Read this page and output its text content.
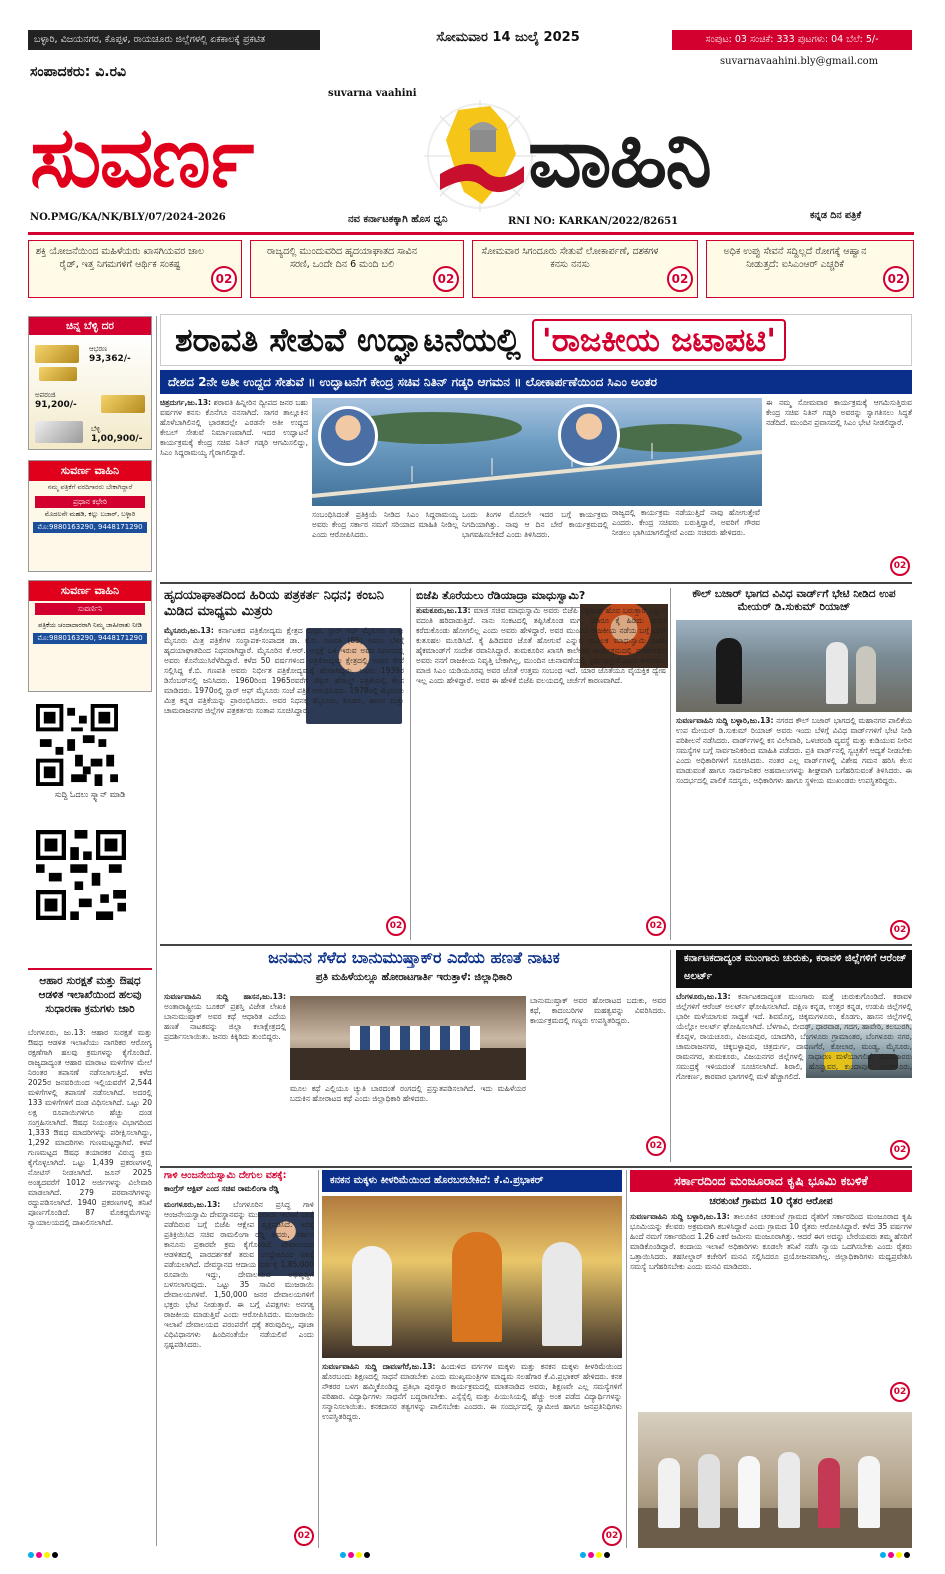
ಬಳ್ಳಾರಿ, ವಿಜಯನಗರ, ಕೊಪ್ಪಳ, ರಾಯಚೂರು ಜಿಲ್ಲೆಗಳಲ್ಲಿ ಏಕಕಾಲಕ್ಕೆ ಪ್ರಕಟಿತ	ಸೋಮವಾರ 14 ಜುಲೈ 2025	ಸಂಪುಟ: 03 ಸಂಚಿಕೆ: 333 ಪುಟಗಳು: 04 ಬೆಲೆ: 5/-
suvarnavaahini.bly@gmail.com
ಸಂಪಾದಕರು: ವಿ.ರವಿ
suvarna vaahini
ಸುವರ್ಣ	ವಾಹಿನಿ
NO.PMG/KA/NK/BLY/07/2024-2026	ನವ ಕರ್ನಾಟಕಕ್ಕಾಗಿ ಹೊಸ ಧ್ವನಿ	RNI NO: KARKAN/2022/82651
ಕನ್ನಡ ದಿನ ಪತ್ರಿಕೆ
ಶಕ್ತಿ ಯೋಜನೆಯಿಂದ ಮಹಿಳೆಯರು ಖಾಸಗಿಯವರ ಜಾಲ ರೈಡ್, ಇತ್ತ ನಿಗಮಗಳಿಗೆ ಆರ್ಥಿಕ ಸಂಕಷ್ಟ
02
ರಾಜ್ಯದಲ್ಲಿ ಮುಂದುವರಿದ ಹೃದಯಾಘಾತದ ಸಾವಿನ ಸರಣಿ, ಒಂದೇ ದಿನ 6 ಮಂದಿ ಬಲಿ
02
ಸೋಮವಾರ ಸಿಗಂದೂರು ಸೇತುವೆ ಲೋಕಾರ್ಪಣೆ, ದಶಕಗಳ ಕನಸು ನನಸು
02
ಅಧಿಕ ಉಪ್ಪು ಸೇವನೆ ಸದ್ದಿಲ್ಲದೆ ರೋಗಕ್ಕೆ ಆಹ್ವಾನ ನೀಡುತ್ತದೆ: ಐಸಿಎಂಆರ್ ಎಚ್ಚರಿಕೆ
02
ಚಿನ್ನ ಬೆಳ್ಳಿ ದರ
ಆಭರಣ
93,362/-
ಅಪರಂಜಿ
91,200/-
ಬೆಳ್ಳಿ
1,00,900/-
ಸುವರ್ಣ ವಾಹಿನಿ
ನಮ್ಮ ಪತ್ರಿಕೆಗೆ ವರದಿಗಾರರು ಬೇಕಾಗಿದ್ದಾರೆ
ಪ್ರಧಾನ ಕಛೇರಿ
ಮೊದಲನೇ ಮಹಡಿ, ಕಲ್ಲು ಬಜಾರ್, ಬಳ್ಳಾರಿ
ಮೊ:9880163290, 9448171290
ಸುವರ್ಣ ವಾಹಿನಿ
ಸುವರ್ಣಿನಿ
ಪತ್ರಿಕೆಯ ಚಂದಾದಾರರಾಗಿ ನಿಮ್ಮ ಜಾಹೀರಾತು ನೀಡಿ
ಮೊ:9880163290, 9448171290
ಸುದ್ದಿ ಓದಲು ಸ್ಕ್ಯಾನ್ ಮಾಡಿ
ಆಹಾರ ಸುರಕ್ಷತೆ ಮತ್ತು ಔಷಧ ಆಡಳಿತ ಇಲಾಖೆಯಿಂದ ಹಲವು ಸುಧಾರಣಾ ಕ್ರಮಗಳು ಜಾರಿ
ಬೆಂಗಳೂರು, ಜು.13: ಆಹಾರ ಸುರಕ್ಷತೆ ಮತ್ತು ಔಷಧ ಆಡಳಿತ ಇಲಾಖೆಯು ನಾಗರಿಕರ ಆರೋಗ್ಯ ರಕ್ಷಣೆಗಾಗಿ ಹಲವು ಕ್ರಮಗಳನ್ನು ಕೈಗೊಂಡಿದೆ. ರಾಜ್ಯದಾದ್ಯಂತ ಆಹಾರ ಮಾರಾಟ ಮಳಿಗೆಗಳ ಮೇಲೆ ನಿರಂತರ ತಪಾಸಣೆ ನಡೆಸಲಾಗುತ್ತಿದೆ. ಕಳೆದ 2025ರ ಜನವರಿಯಿಂದ ಇಲ್ಲಿಯವರೆಗೆ 2,544 ಮಳಿಗೆಗಳಲ್ಲಿ ತಪಾಸಣೆ ನಡೆಸಲಾಗಿದೆ. ಅದರಲ್ಲಿ 133 ಮಳಿಗೆಗಳಿಗೆ ದಂಡ ವಿಧಿಸಲಾಗಿದೆ. ಒಟ್ಟು 20 ಲಕ್ಷ ರೂಪಾಯಿಗಳಿಗೂ ಹೆಚ್ಚು ದಂಡ ಸಂಗ್ರಹಿಸಲಾಗಿದೆ. ಔಷಧ ನಿಯಂತ್ರಣ ವಿಭಾಗದಿಂದ 1,333 ಔಷಧ ಮಾದರಿಗಳನ್ನು ಪರೀಕ್ಷಿಸಲಾಗಿದ್ದು, 1,292 ಮಾದರಿಗಳು ಗುಣಮಟ್ಟದ್ದಾಗಿವೆ. ಕಳಪೆ ಗುಣಮಟ್ಟದ ಔಷಧ ತಯಾರಕರ ವಿರುದ್ಧ ಕ್ರಮ ಕೈಗೊಳ್ಳಲಾಗಿದೆ. ಒಟ್ಟು 1,439 ಪ್ರಕರಣಗಳಲ್ಲಿ ನೋಟಿಸ್ ನೀಡಲಾಗಿದೆ. ಜೂನ್ 2025 ಅಂತ್ಯದವರೆಗೆ 1012 ಅರ್ಜಿಗಳನ್ನು ವಿಲೇವಾರಿ ಮಾಡಲಾಗಿದೆ. 279 ಪರವಾನಗಿಗಳನ್ನು ರದ್ದುಪಡಿಸಲಾಗಿದೆ. 1940 ಪ್ರಕರಣಗಳಲ್ಲಿ ತನಿಖೆ ಪೂರ್ಣಗೊಂಡಿದೆ. 87 ಮೊಕದ್ದಮೆಗಳನ್ನು ನ್ಯಾಯಾಲಯದಲ್ಲಿ ದಾಖಲಿಸಲಾಗಿದೆ.
ಶರಾವತಿ ಸೇತುವೆ ಉದ್ಘಾಟನೆಯಲ್ಲಿ 'ರಾಜಕೀಯ ಜಟಾಪಟಿ'
ದೇಶದ 2ನೇ ಅತೀ ಉದ್ದದ ಸೇತುವೆ ॥ ಉದ್ಘಾಟನೆಗೆ ಕೇಂದ್ರ ಸಚಿವ ನಿತಿನ್ ಗಡ್ಕರಿ ಆಗಮನ ॥ ಲೋಕಾರ್ಪಣೆಯಿಂದ ಸಿಎಂ ಅಂತರ
ಚಿತ್ರದುರ್ಗ,ಜು.13: ಶರಾವತಿ ಹಿನ್ನೀರಿನ ದ್ವೀಪದ ಜನರ ಬಹು ವರ್ಷಗಳ ಕನಸು ಕೊನೆಗೂ ನನಸಾಗಿದೆ. ಸಾಗರ ತಾಲ್ಲೂಕಿನ ಹೊಳೆಬಾಗಿಲಿನಲ್ಲಿ ಭಾರತದಲ್ಲೇ ಎರಡನೇ ಅತೀ ಉದ್ದದ ಕೇಬಲ್ ಸೇತುವೆ ನಿರ್ಮಾಣವಾಗಿದೆ. ಇದರ ಉದ್ಘಾಟನೆ ಕಾರ್ಯಕ್ರಮಕ್ಕೆ ಕೇಂದ್ರ ಸಚಿವ ನಿತಿನ್ ಗಡ್ಕರಿ ಆಗಮಿಸಲಿದ್ದು, ಸಿಎಂ ಸಿದ್ದರಾಮಯ್ಯ ಗೈರಾಗಲಿದ್ದಾರೆ.
ಸಂಬಂಧಿಸಿದಂತೆ ಪ್ರತಿಕ್ರಿಯೆ ನೀಡಿದ ಸಿಎಂ ಸಿದ್ದರಾಮಯ್ಯ ಅವರು ಕೇಂದ್ರ ಸರ್ಕಾರ ನಮಗೆ ಸರಿಯಾದ ಮಾಹಿತಿ ನೀಡಿಲ್ಲ ಎಂದು ಆರೋಪಿಸಿದರು.
ಒಂದು ತಿಂಗಳ ಮೊದಲೇ ಇದರ ಬಗ್ಗೆ ಕಾರ್ಯಕ್ರಮ ನಿಗದಿಯಾಗಿತ್ತು. ನಾವು ಆ ದಿನ ಬೇರೆ ಕಾರ್ಯಕ್ರಮದಲ್ಲಿ ಭಾಗವಹಿಸಬೇಕಿದೆ ಎಂದು ತಿಳಿಸಿದರು.
ರಾಜ್ಯದಲ್ಲಿ ಕಾರ್ಯಕ್ರಮ ನಡೆಯುತ್ತಿದೆ ನಾವು ಹೋಗುತ್ತೇವೆ ಎಂದರು. ಕೇಂದ್ರ ಸಚಿವರು ಬರುತ್ತಿದ್ದಾರೆ, ಅವರಿಗೆ ಗೌರವ ನೀಡಲು ಭಾಗಿಯಾಗಲಿದ್ದೇವೆ ಎಂದು ಸಚಿವರು ಹೇಳಿದರು.
ಈ ನಮ್ಮ ಸೋಮವಾರ ಕಾರ್ಯಕ್ರಮಕ್ಕೆ ಆಗಮಿಸುತ್ತಿರುವ ಕೇಂದ್ರ ಸಚಿವ ನಿತಿನ್ ಗಡ್ಕರಿ ಅವರನ್ನು ಸ್ವಾಗತಿಸಲು ಸಿದ್ಧತೆ ನಡೆದಿದೆ. ಮುಂದಿನ ಪ್ರವಾಸದಲ್ಲಿ ಸಿಎಂ ಭೇಟಿ ನೀಡಲಿದ್ದಾರೆ.
02
ಹೃದಯಾಘಾತದಿಂದ ಹಿರಿಯ ಪತ್ರಕರ್ತ ನಿಧನ; ಕಂಬನಿ ಮಿಡಿದ ಮಾಧ್ಯಮ ಮಿತ್ರರು
ಮೈಸೂರು,ಜು.13: ಕರ್ನಾಟಕದ ಪತ್ರಿಕೋದ್ಯಮ ಕ್ಷೇತ್ರದ ದಿಗ್ಗಜ, ಸ್ಟಾರ್ ಆಫ್ ಮೈಸೂರು ಮತ್ತು ಮೈಸೂರು ಮಿತ್ರ ಪತ್ರಿಕೆಗಳ ಸಂಸ್ಥಾಪಕ-ಸಂಪಾದಕ ಡಾ. ಕೆ.ಬಿ. ಗಣಪತಿ (85) ಅವರು ಬೆಳಿಗ್ಗೆ ಹೃದಯಾಘಾತದಿಂದ ನಿಧನರಾಗಿದ್ದಾರೆ. ಮೈಸೂರಿನ ಕೆ.ಆರ್. ಆಸ್ಪತ್ರೆ ಬಳಿ ಇರುವ ಅವರ ನಿವಾಸದಲ್ಲಿ ಅವರು ಕೊನೆಯುಸಿರೆಳೆದಿದ್ದಾರೆ. ಕಳೆದ 50 ವರ್ಷಗಳಿಂದ ಪತ್ರಿಕೋದ್ಯಮ ಕ್ಷೇತ್ರದಲ್ಲಿ ಅಪಾರ ಸೇವೆ ಸಲ್ಲಿಸಿದ್ದ ಕೆ.ಬಿ. ಗಣಪತಿ ಅವರು ನಿರ್ಭೀತ ಪತ್ರಿಕೋದ್ಯಮಕ್ಕೆ ಹೆಸರಾಗಿದ್ದರು. ಅವರು 1939ರ ಡಿಸೆಂಬರ್‌ನಲ್ಲಿ ಜನಿಸಿದರು. 1960ರಿಂದ 1965ರವರೆಗೆ ಡೆಕ್ಕನ್ ಹೆರಾಲ್ಡ್ ಪತ್ರಿಕೆಯಲ್ಲಿ ಕೆಲಸ ಮಾಡಿದರು. 1970ರಲ್ಲಿ ಸ್ಟಾರ್ ಆಫ್ ಮೈಸೂರು ಸಂಜೆ ಪತ್ರಿಕೆ ಆರಂಭಿಸಿದರು. 1978ರಲ್ಲಿ ಮೈಸೂರು ಮಿತ್ರ ಕನ್ನಡ ಪತ್ರಿಕೆಯನ್ನು ಪ್ರಾರಂಭಿಸಿದರು. ಅವರ ನಿಧನಕ್ಕೆ ಮೈಸೂರು, ಕೊಡಗು, ಹಾಸನ ಮತ್ತು ಚಾಮರಾಜನಗರ ಜಿಲ್ಲೆಗಳ ಪತ್ರಕರ್ತರು ಸಂತಾಪ ಸೂಚಿಸಿದ್ದಾರೆ.
02
ಬಿಜೆಪಿ ತೊರೆಯಲು ರೆಡಿಯಾದ್ರಾ ಮಾಧುಸ್ವಾಮಿ?
ತುಮಕೂರು,ಜು.13: ಮಾಜಿ ಸಚಿವ ಮಾಧುಸ್ವಾಮಿ ಅವರು ಬಿಜೆಪಿ ಪಕ್ಷದಿಂದ ಹೊರ ಬರುತ್ತಾರೆ ಎನ್ನುವ ವದಂತಿ ಹರಿದಾಡುತ್ತಿದೆ. ನಾನು ಸಂಕಟದಲ್ಲಿ ತಪ್ಪಿಸಿಕೊಂಡ ಮಗ, ಯಾರೂ ಕೈ ಹಿಡಿದು ಮನೆಗೆ ಕರೆದುಕೊಂಡು ಹೋಗಲಿಲ್ಲ ಎಂದು ಅವರು ಹೇಳಿದ್ದಾರೆ. ಅವರ ಮುಂದಿನ ರಾಜಕೀಯ ನಡೆಯ ಬಗ್ಗೆ ಭಾರೀ ಕುತೂಹಲ ಮೂಡಿಸಿದೆ. ಕೈ ಹಿಡಿದವರ ಜೊತೆ ಹೋಗುವೆ ಎನ್ನುವ ಮೂಲಕ ಮಾಧುಸ್ವಾಮಿ ಬಿಜೆಪಿ ಹೈಕಮಾಂಡ್‌ಗೆ ಸಂದೇಶ ರವಾನಿಸಿದ್ದಾರೆ. ತುಮಕೂರಿನ ಖಾಸಗಿ ಕಾಲೇಜಿನ ಕಾರ್ಯಕ್ರಮದಲ್ಲಿ ಮಾತನಾಡಿದ ಅವರು ನನಗೆ ರಾಜಕೀಯ ನಿವೃತ್ತಿ ಬೇಕಾಗಿಲ್ಲ, ಮುಂದಿನ ಚುನಾವಣೆಯಲ್ಲಿ ಸ್ಪರ್ಧಿಸುತ್ತೇನೆ ಎಂದು ತಿಳಿಸಿದರು. ಮಾಜಿ ಸಿಎಂ ಯಡಿಯೂರಪ್ಪ ಅವರ ಜೊತೆ ಉತ್ತಮ ಸಂಬಂಧ ಇದೆ. ಯಾರ ಜೊತೆಯೂ ವೈಯಕ್ತಿಕ ದ್ವೇಷ ಇಲ್ಲ ಎಂದು ಹೇಳಿದ್ದಾರೆ. ಅವರ ಈ ಹೇಳಿಕೆ ಬಿಜೆಪಿ ವಲಯದಲ್ಲಿ ಚರ್ಚೆಗೆ ಕಾರಣವಾಗಿದೆ.
02
ಕೌಲ್ ಬಜಾರ್ ಭಾಗದ ವಿವಿಧ ವಾರ್ಡ್‌ಗೆ ಭೇಟಿ ನೀಡಿದ ಉಪ ಮೇಯರ್ ಡಿ.ಸುಕುಮ್ ರಿಯಾಜ್
ಸುವರ್ಣವಾಹಿನಿ ಸುದ್ದಿ ಬಳ್ಳಾರಿ,ಜು.13: ನಗರದ ಕೌಲ್ ಬಜಾರ್ ಭಾಗದಲ್ಲಿ ಮಹಾನಗರ ಪಾಲಿಕೆಯ ಉಪ ಮೇಯರ್ ಡಿ.ಸುಕುಮ್ ರಿಯಾಜ್ ಅವರು ಇಂದು ಬೆಳಿಗ್ಗೆ ವಿವಿಧ ವಾರ್ಡ್‌ಗಳಿಗೆ ಭೇಟಿ ನೀಡಿ ಪರಿಶೀಲನೆ ನಡೆಸಿದರು. ವಾರ್ಡ್‌ಗಳಲ್ಲಿ ಕಸ ವಿಲೇವಾರಿ, ಒಳಚರಂಡಿ ವ್ಯವಸ್ಥೆ ಮತ್ತು ಕುಡಿಯುವ ನೀರಿನ ಸಮಸ್ಯೆಗಳ ಬಗ್ಗೆ ಸಾರ್ವಜನಿಕರಿಂದ ಮಾಹಿತಿ ಪಡೆದರು. ಪ್ರತಿ ವಾರ್ಡ್‌ನಲ್ಲಿ ಸ್ವಚ್ಛತೆಗೆ ಆದ್ಯತೆ ನೀಡಬೇಕು ಎಂದು ಅಧಿಕಾರಿಗಳಿಗೆ ಸೂಚಿಸಿದರು. ನಂತರ ಎಲ್ಲ ವಾರ್ಡ್‌ಗಳಲ್ಲಿ ವಿಶೇಷ ಗಮನ ಹರಿಸಿ ಕೆಲಸ ಮಾಡುವಂತೆ ಹಾಗೂ ಸಾರ್ವಜನಿಕರ ಅಹವಾಲುಗಳನ್ನು ಶೀಘ್ರವಾಗಿ ಬಗೆಹರಿಸುವಂತೆ ತಿಳಿಸಿದರು. ಈ ಸಂದರ್ಭದಲ್ಲಿ ಪಾಲಿಕೆ ಸದಸ್ಯರು, ಅಧಿಕಾರಿಗಳು ಹಾಗೂ ಸ್ಥಳೀಯ ಮುಖಂಡರು ಉಪಸ್ಥಿತರಿದ್ದರು.
02
ಜನಮನ ಸೆಳೆದ ಬಾನುಮುಷ್ತಾಕ್‌ರ ಎದೆಯ ಹಣತೆ ನಾಟಕ
ಪ್ರತಿ ಮಹಿಳೆಯಲ್ಲೂ ಹೋರಾಟಗಾರ್ತಿ ಇರುತ್ತಾಳೆ: ಜಿಲ್ಲಾಧಿಕಾರಿ
ಸುವರ್ಣವಾಹಿನಿ ಸುದ್ದಿ ಹಾಸನ,ಜು.13: ಅಂತಾರಾಷ್ಟ್ರೀಯ ಬೂಕರ್ ಪ್ರಶಸ್ತಿ ವಿಜೇತ ಲೇಖಕಿ ಬಾನುಮುಷ್ತಾಕ್ ಅವರ ಕಥೆ ಆಧಾರಿತ ಎದೆಯ ಹಣತೆ ನಾಟಕವನ್ನು ಜಿಲ್ಲಾ ಕಲಾಕ್ಷೇತ್ರದಲ್ಲಿ ಪ್ರದರ್ಶಿಸಲಾಯಿತು. ಜನರು ಕಿಕ್ಕಿರಿದು ತುಂಬಿದ್ದರು.
ಮೂಲ ಕಥೆ ಎಲ್ಲಿಯೂ ಚ್ಯುತಿ ಬಾರದಂತೆ ರಂಗದಲ್ಲಿ ಪ್ರಸ್ತುತಪಡಿಸಲಾಗಿದೆ. ಇದು ಮಹಿಳೆಯರ ಬದುಕಿನ ಹೋರಾಟದ ಕಥೆ ಎಂದು ಜಿಲ್ಲಾಧಿಕಾರಿ ಹೇಳಿದರು.
ಬಾನುಮುಷ್ತಾಕ್ ಅವರ ಹೋರಾಟದ ಬದುಕು, ಅವರ ಕಥೆ, ಕಾದಂಬರಿಗಳ ಮಹತ್ವವನ್ನು ವಿವರಿಸಿದರು. ಕಾರ್ಯಕ್ರಮದಲ್ಲಿ ಗಣ್ಯರು ಉಪಸ್ಥಿತರಿದ್ದರು.
02
ಕರ್ನಾಟಕದಾದ್ಯಂತ ಮುಂಗಾರು ಚುರುಕು, ಕರಾವಳಿ ಜಿಲ್ಲೆಗಳಿಗೆ ಆರೆಂಜ್ ಅಲರ್ಟ್
ಬೆಂಗಳೂರು,ಜು.13: ಕರ್ನಾಟಕದಾದ್ಯಂತ ಮುಂಗಾರು ಮತ್ತೆ ಚುರುಕುಗೊಂಡಿದೆ. ಕರಾವಳಿ ಜಿಲ್ಲೆಗಳಿಗೆ ಆರೆಂಜ್ ಅಲರ್ಟ್ ಘೋಷಿಸಲಾಗಿದೆ. ದಕ್ಷಿಣ ಕನ್ನಡ, ಉತ್ತರ ಕನ್ನಡ, ಉಡುಪಿ ಜಿಲ್ಲೆಗಳಲ್ಲಿ ಭಾರೀ ಮಳೆಯಾಗುವ ಸಾಧ್ಯತೆ ಇದೆ. ಶಿವಮೊಗ್ಗ, ಚಿಕ್ಕಮಗಳೂರು, ಕೊಡಗು, ಹಾಸನ ಜಿಲ್ಲೆಗಳಲ್ಲಿ ಯೆಲ್ಲೋ ಅಲರ್ಟ್ ಘೋಷಿಸಲಾಗಿದೆ. ಬೆಳಗಾವಿ, ಬೀದರ್, ಧಾರವಾಡ, ಗದಗ, ಹಾವೇರಿ, ಕಲಬುರಗಿ, ಕೊಪ್ಪಳ, ರಾಯಚೂರು, ವಿಜಯಪುರ, ಯಾದಗಿರಿ, ಬೆಂಗಳೂರು ಗ್ರಾಮಾಂತರ, ಬೆಂಗಳೂರು ನಗರ, ಚಾಮರಾಜನಗರ, ಚಿಕ್ಕಬಳ್ಳಾಪುರ, ಚಿತ್ರದುರ್ಗ, ದಾವಣಗೆರೆ, ಕೋಲಾರ, ಮಂಡ್ಯ, ಮೈಸೂರು, ರಾಮನಗರ, ತುಮಕೂರು, ವಿಜಯನಗರ ಜಿಲ್ಲೆಗಳಲ್ಲಿ ಸಾಧಾರಣ ಮಳೆಯಾಗಲಿದೆ. ಮೀನುಗಾರರು ಸಮುದ್ರಕ್ಕೆ ಇಳಿಯದಂತೆ ಸೂಚಿಸಲಾಗಿದೆ. ಶಿರಾಲಿ, ಹೊನ್ನಾವರ, ಕುಂದಾಪುರ, ಮಂಗಳೂರು, ಗೋಕರ್ಣ, ಕಾರವಾರ ಭಾಗಗಳಲ್ಲಿ ಮಳೆ ಹೆಚ್ಚಾಗಲಿದೆ.
02
ಗಾಳಿ ಆಂಜನೇಯಸ್ವಾಮಿ ದೇಗುಲ ವಶಕ್ಕೆ:
ಕಾಂಗ್ರೆಸ್ ಆಕ್ಟಿವ್ ಎಂದ ಸಚಿವ ರಾಮಲಿಂಗಾ ರೆಡ್ಡಿ
ಮಂಗಳೂರು,ಜು.13: ಬೆಂಗಳೂರಿನ ಪ್ರಸಿದ್ಧ ಗಾಳಿ ಆಂಜನೇಯಸ್ವಾಮಿ ದೇವಸ್ಥಾನವನ್ನು ಮುಜರಾಯಿ ಇಲಾಖೆ ವಶಕ್ಕೆ ಪಡೆದಿರುವ ಬಗ್ಗೆ ಬಿಜೆಪಿ ಆಕ್ಷೇಪ ವ್ಯಕ್ತಪಡಿಸಿದೆ. ಇದಕ್ಕೆ ಪ್ರತಿಕ್ರಿಯಿಸಿದ ಸಚಿವ ರಾಮಲಿಂಗಾ ರೆಡ್ಡಿ ಅವರು, ಸರ್ಕಾರ ಕಾನೂನು ಪ್ರಕಾರವೇ ಕ್ರಮ ಕೈಗೊಂಡಿದೆ. ದೇವಾಲಯದ ಆಡಳಿತದಲ್ಲಿ ಪಾರದರ್ಶಕತೆ ತರುವ ಉದ್ದೇಶದಿಂದ ವಶಕ್ಕೆ ಪಡೆಯಲಾಗಿದೆ. ದೇವಸ್ಥಾನದ ಆದಾಯ ವರ್ಷಕ್ಕೆ 1,85,000 ರೂಪಾಯಿ ಇದ್ದು, ದೇವಾಲಯದ ಅಭಿವೃದ್ಧಿಗೆ ಬಳಸಲಾಗುವುದು. ಒಟ್ಟು 35 ಸಾವಿರ ಮುಜರಾಯಿ ದೇವಾಲಯಗಳಿವೆ. 1,50,000 ಜನರ ದೇವಾಲಯಗಳಿಗೆ ಭಕ್ತರು ಭೇಟಿ ನೀಡುತ್ತಾರೆ. ಈ ಬಗ್ಗೆ ವಿಪಕ್ಷಗಳು ಅನಗತ್ಯ ರಾಜಕೀಯ ಮಾಡುತ್ತಿವೆ ಎಂದು ಆರೋಪಿಸಿದರು. ಮುಜರಾಯಿ ಇಲಾಖೆ ದೇವಾಲಯದ ಪರಂಪರೆಗೆ ಧಕ್ಕೆ ತರುವುದಿಲ್ಲ, ಪೂಜಾ ವಿಧಿವಿಧಾನಗಳು ಹಿಂದಿನಂತೆಯೇ ನಡೆಯಲಿವೆ ಎಂದು ಸ್ಪಷ್ಟಪಡಿಸಿದರು.
02
ಕನಕನ ಮಕ್ಕಳು ಕೀಳರಿಮೆಯಿಂದ ಹೊರಬರಬೇಕಿದೆ: ಕೆ.ವಿ.ಪ್ರಭಾಕರ್
ಸುವರ್ಣವಾಹಿನಿ ಸುದ್ದಿ ದಾವಣಗೆರೆ,ಜು.13: ಹಿಂದುಳಿದ ವರ್ಗಗಳ ಮಕ್ಕಳು ಮತ್ತು ಕನಕನ ಮಕ್ಕಳು ಕೀಳರಿಮೆಯಿಂದ ಹೊರಬಂದು ಶಿಕ್ಷಣದಲ್ಲಿ ಸಾಧನೆ ಮಾಡಬೇಕು ಎಂದು ಮುಖ್ಯಮಂತ್ರಿಗಳ ಮಾಧ್ಯಮ ಸಲಹೆಗಾರ ಕೆ.ವಿ.ಪ್ರಭಾಕರ್ ಹೇಳಿದರು. ಕನಕ ನೌಕರರ ಬಳಗ ಹಮ್ಮಿಕೊಂಡಿದ್ದ ಪ್ರತಿಭಾ ಪುರಸ್ಕಾರ ಕಾರ್ಯಕ್ರಮದಲ್ಲಿ ಮಾತನಾಡಿದ ಅವರು, ಶಿಕ್ಷಣವೇ ಎಲ್ಲ ಸಮಸ್ಯೆಗಳಿಗೆ ಪರಿಹಾರ. ವಿದ್ಯಾರ್ಥಿಗಳು ಸಾಧನೆಗೆ ಬದ್ಧರಾಗಬೇಕು. ಎಸ್ಸೆಸ್ಸೆಲ್ಸಿ ಮತ್ತು ಪಿಯುಸಿಯಲ್ಲಿ ಹೆಚ್ಚು ಅಂಕ ಪಡೆದ ವಿದ್ಯಾರ್ಥಿಗಳನ್ನು ಸನ್ಮಾನಿಸಲಾಯಿತು. ಕನಕದಾಸರ ತತ್ವಗಳನ್ನು ಪಾಲಿಸಬೇಕು ಎಂದರು. ಈ ಸಂದರ್ಭದಲ್ಲಿ ಸ್ವಾಮೀಜಿ ಹಾಗೂ ಜನಪ್ರತಿನಿಧಿಗಳು ಉಪಸ್ಥಿತರಿದ್ದರು.
02
ಸರ್ಕಾರದಿಂದ ಮಂಜೂರಾದ ಕೃಷಿ ಭೂಮಿ ಕಬಳಿಕೆ
ಚರಕುಂಟೆ ಗ್ರಾಮದ 10 ರೈತರ ಆರೋಪ
ಸುವರ್ಣವಾಹಿನಿ ಸುದ್ದಿ ಬಳ್ಳಾರಿ,ಜು.13: ತಾಲೂಕಿನ ಚರಕುಂಟೆ ಗ್ರಾಮದ ರೈತರಿಗೆ ಸರ್ಕಾರದಿಂದ ಮಂಜೂರಾದ ಕೃಷಿ ಭೂಮಿಯನ್ನು ಕೆಲವರು ಅಕ್ರಮವಾಗಿ ಕಬಳಿಸಿದ್ದಾರೆ ಎಂದು ಗ್ರಾಮದ 10 ರೈತರು ಆರೋಪಿಸಿದ್ದಾರೆ. ಕಳೆದ 35 ವರ್ಷಗಳ ಹಿಂದೆ ನಮಗೆ ಸರ್ಕಾರದಿಂದ 1.26 ಎಕರೆ ಜಮೀನು ಮಂಜೂರಾಗಿತ್ತು. ಆದರೆ ಈಗ ಅದನ್ನು ಬೇರೆಯವರು ತಮ್ಮ ಹೆಸರಿಗೆ ಮಾಡಿಕೊಂಡಿದ್ದಾರೆ. ಕಂದಾಯ ಇಲಾಖೆ ಅಧಿಕಾರಿಗಳು ಕೂಡಲೇ ತನಿಖೆ ನಡೆಸಿ ನ್ಯಾಯ ಒದಗಿಸಬೇಕು ಎಂದು ರೈತರು ಒತ್ತಾಯಿಸಿದರು. ತಹಸೀಲ್ದಾರ್ ಕಚೇರಿಗೆ ಮನವಿ ಸಲ್ಲಿಸಿದರೂ ಪ್ರಯೋಜನವಾಗಿಲ್ಲ. ಜಿಲ್ಲಾಧಿಕಾರಿಗಳು ಮಧ್ಯಪ್ರವೇಶಿಸಿ ಸಮಸ್ಯೆ ಬಗೆಹರಿಸಬೇಕು ಎಂದು ಮನವಿ ಮಾಡಿದರು.
02
